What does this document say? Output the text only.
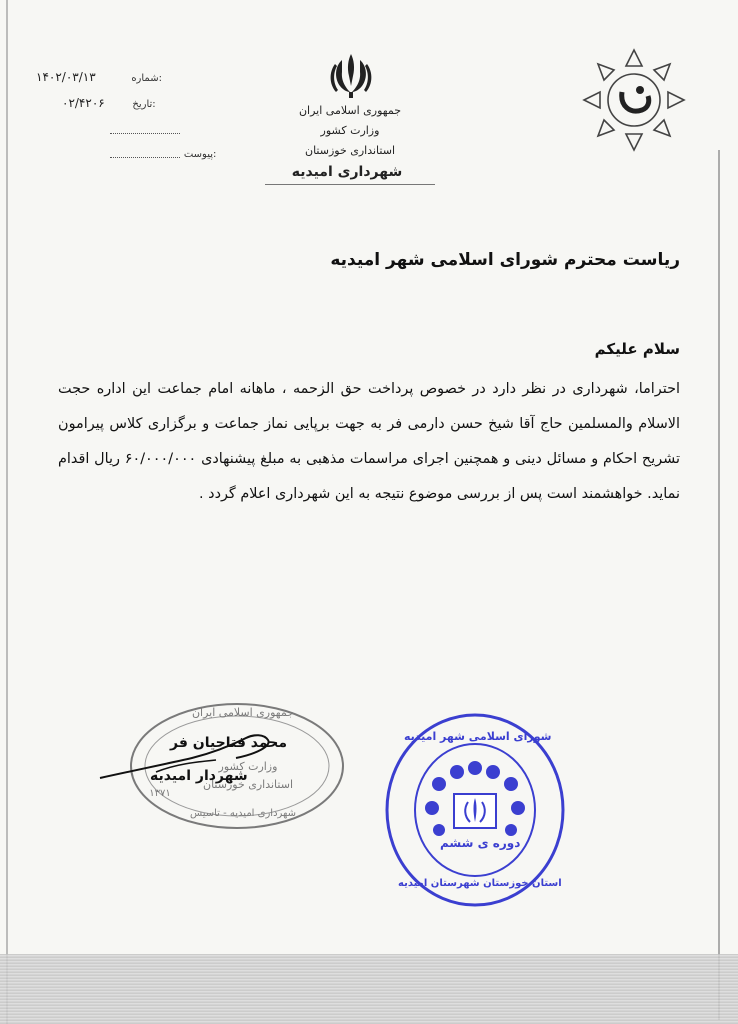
۱۴۰۲/۰۳/۱۳	شماره:
۰۲/۴۲۰۶	تاریخ:
پیوست:
جمهوری اسلامی ایران
وزارت کشور
استانداری خوزستان
شهرداری امیدیه
ریاست محترم شورای اسلامی شهر امیدیه
سلام علیکم
احتراما، شهرداری در نظر دارد در خصوص پرداخت حق الزحمه ، ماهانه امام جماعت این اداره حجت الاسلام والمسلمین حاج آقا شیخ حسن دارمی فر به جهت برپایی نماز جماعت و برگزاری کلاس پیرامون تشریح احکام و مسائل دینی و همچنین اجرای مراسمات مذهبی به مبلغ پیشنهادی ۶۰/۰۰۰/۰۰۰ ریال اقدام نماید. خواهشمند است پس از بررسی موضوع نتیجه به این شهرداری اعلام گردد .
جمهوری اسلامی ایران
وزارت کشور
استانداری خوزستان
۱۳۷۱
شهرداری امیدیه - تاسیس
محمد فتاحیان فر
شهردار امیدیه
شورای اسلامی شهر امیدیه
دوره ی ششم
استان خوزستان شهرستان امیدیه
